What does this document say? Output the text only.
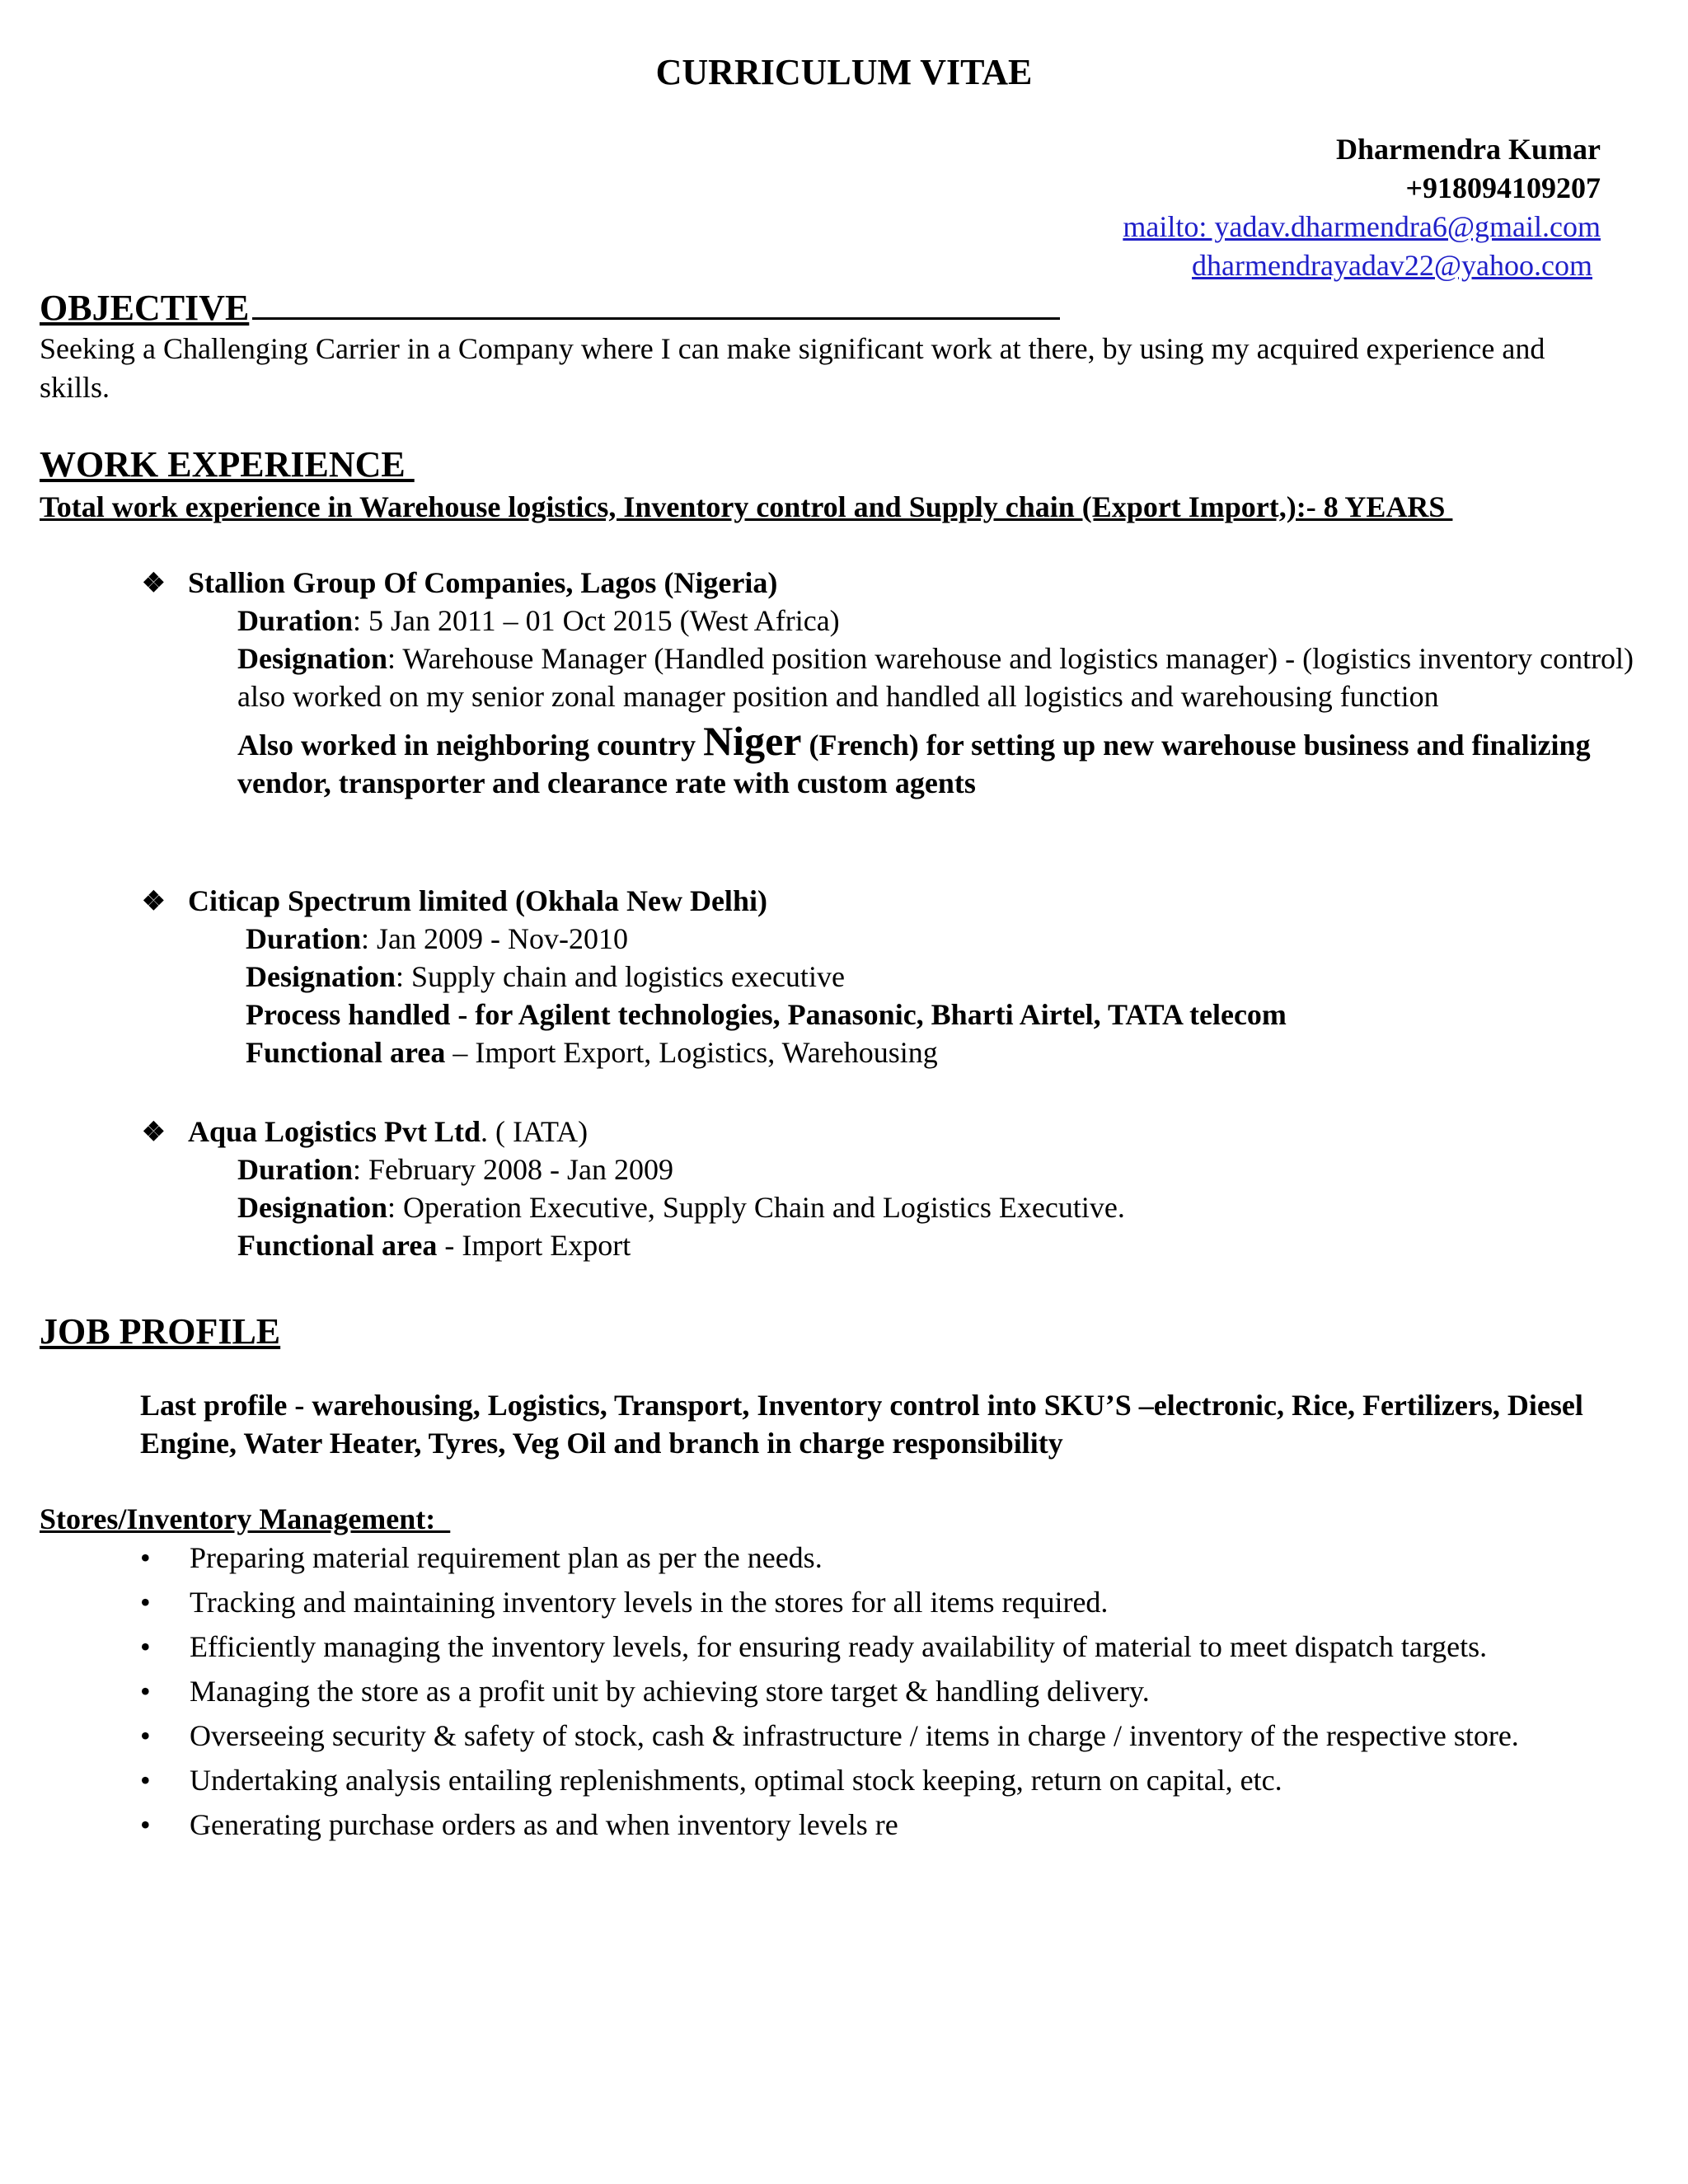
CURRICULUM VITAE
Dharmendra Kumar
+918094109207
mailto: yadav.dharmendra6@gmail.com
dharmendrayadav22@yahoo.com
OBJECTIVE
Seeking a Challenging Carrier in a Company where I can make significant work at there, by using my acquired experience and skills.
WORK EXPERIENCE
Total work experience in Warehouse logistics, Inventory control and Supply chain (Export Import,):- 8 YEARS
❖ Stallion Group Of Companies, Lagos (Nigeria)
Duration: 5 Jan 2011 – 01 Oct 2015 (West Africa)
Designation: Warehouse Manager (Handled position warehouse and logistics manager) - (logistics inventory control) also worked on my senior zonal manager position and handled all logistics and warehousing function
Also worked in neighboring country Niger (French) for setting up new warehouse business and finalizing vendor, transporter and clearance rate with custom agents
❖ Citicap Spectrum limited (Okhala New Delhi)
Duration: Jan 2009 - Nov-2010
Designation: Supply chain and logistics executive
Process handled - for Agilent technologies, Panasonic, Bharti Airtel, TATA telecom
Functional area – Import Export, Logistics, Warehousing
❖ Aqua Logistics Pvt Ltd. ( IATA)
Duration: February 2008 - Jan 2009
Designation: Operation Executive, Supply Chain and Logistics Executive.
Functional area - Import Export
JOB PROFILE
Last profile - warehousing, Logistics, Transport, Inventory control into SKU’S –electronic, Rice, Fertilizers, Diesel Engine, Water Heater, Tyres, Veg Oil and branch in charge responsibility
Stores/Inventory Management:
• Preparing material requirement plan as per the needs.
• Tracking and maintaining inventory levels in the stores for all items required.
• Efficiently managing the inventory levels, for ensuring ready availability of material to meet dispatch targets.
• Managing the store as a profit unit by achieving store target & handling delivery.
• Overseeing security & safety of stock, cash & infrastructure / items in charge / inventory of the respective store.
• Undertaking analysis entailing replenishments, optimal stock keeping, return on capital, etc.
• Generating purchase orders as and when inventory levels re
